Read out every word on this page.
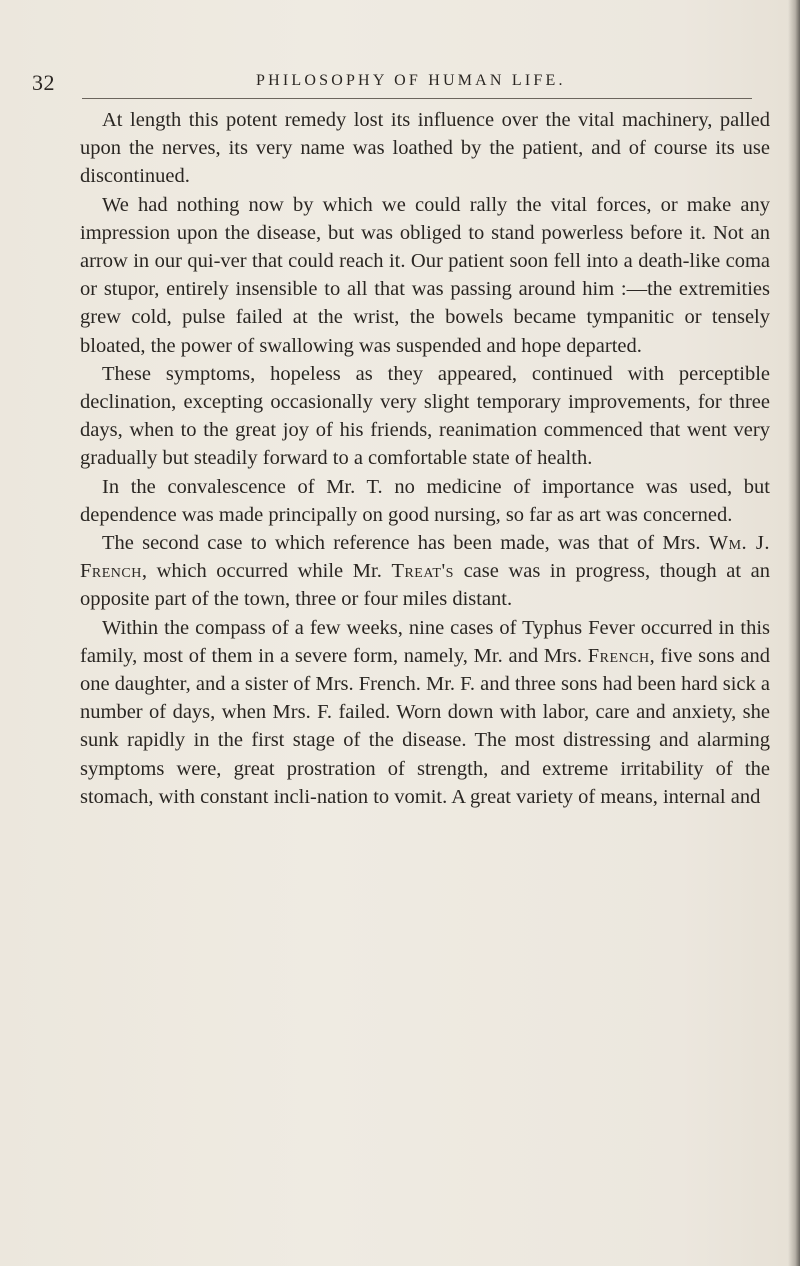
32	PHILOSOPHY OF HUMAN LIFE.

At length this potent remedy lost its influence over the vital machinery, palled upon the nerves, its very name was loathed by the patient, and of course its use discontinued.

We had nothing now by which we could rally the vital forces, or make any impression upon the disease, but was obliged to stand powerless before it. Not an arrow in our qui-ver that could reach it. Our patient soon fell into a death-like coma or stupor, entirely insensible to all that was passing around him :—the extremities grew cold, pulse failed at the wrist, the bowels became tympanitic or tensely bloated, the power of swallowing was suspended and hope departed.

These symptoms, hopeless as they appeared, continued with perceptible declination, excepting occasionally very slight temporary improvements, for three days, when to the great joy of his friends, reanimation commenced that went very gradually but steadily forward to a comfortable state of health.

In the convalescence of Mr. T. no medicine of importance was used, but dependence was made principally on good nursing, so far as art was concerned.

The second case to which reference has been made, was that of Mrs. Wm. J. French, which occurred while Mr. Treat's case was in progress, though at an opposite part of the town, three or four miles distant.

Within the compass of a few weeks, nine cases of Typhus Fever occurred in this family, most of them in a severe form, namely, Mr. and Mrs. French, five sons and one daughter, and a sister of Mrs. French. Mr. F. and three sons had been hard sick a number of days, when Mrs. F. failed. Worn down with labor, care and anxiety, she sunk rapidly in the first stage of the disease. The most distressing and alarming symptoms were, great prostration of strength, and extreme irritability of the stomach, with constant incli-nation to vomit. A great variety of means, internal and
